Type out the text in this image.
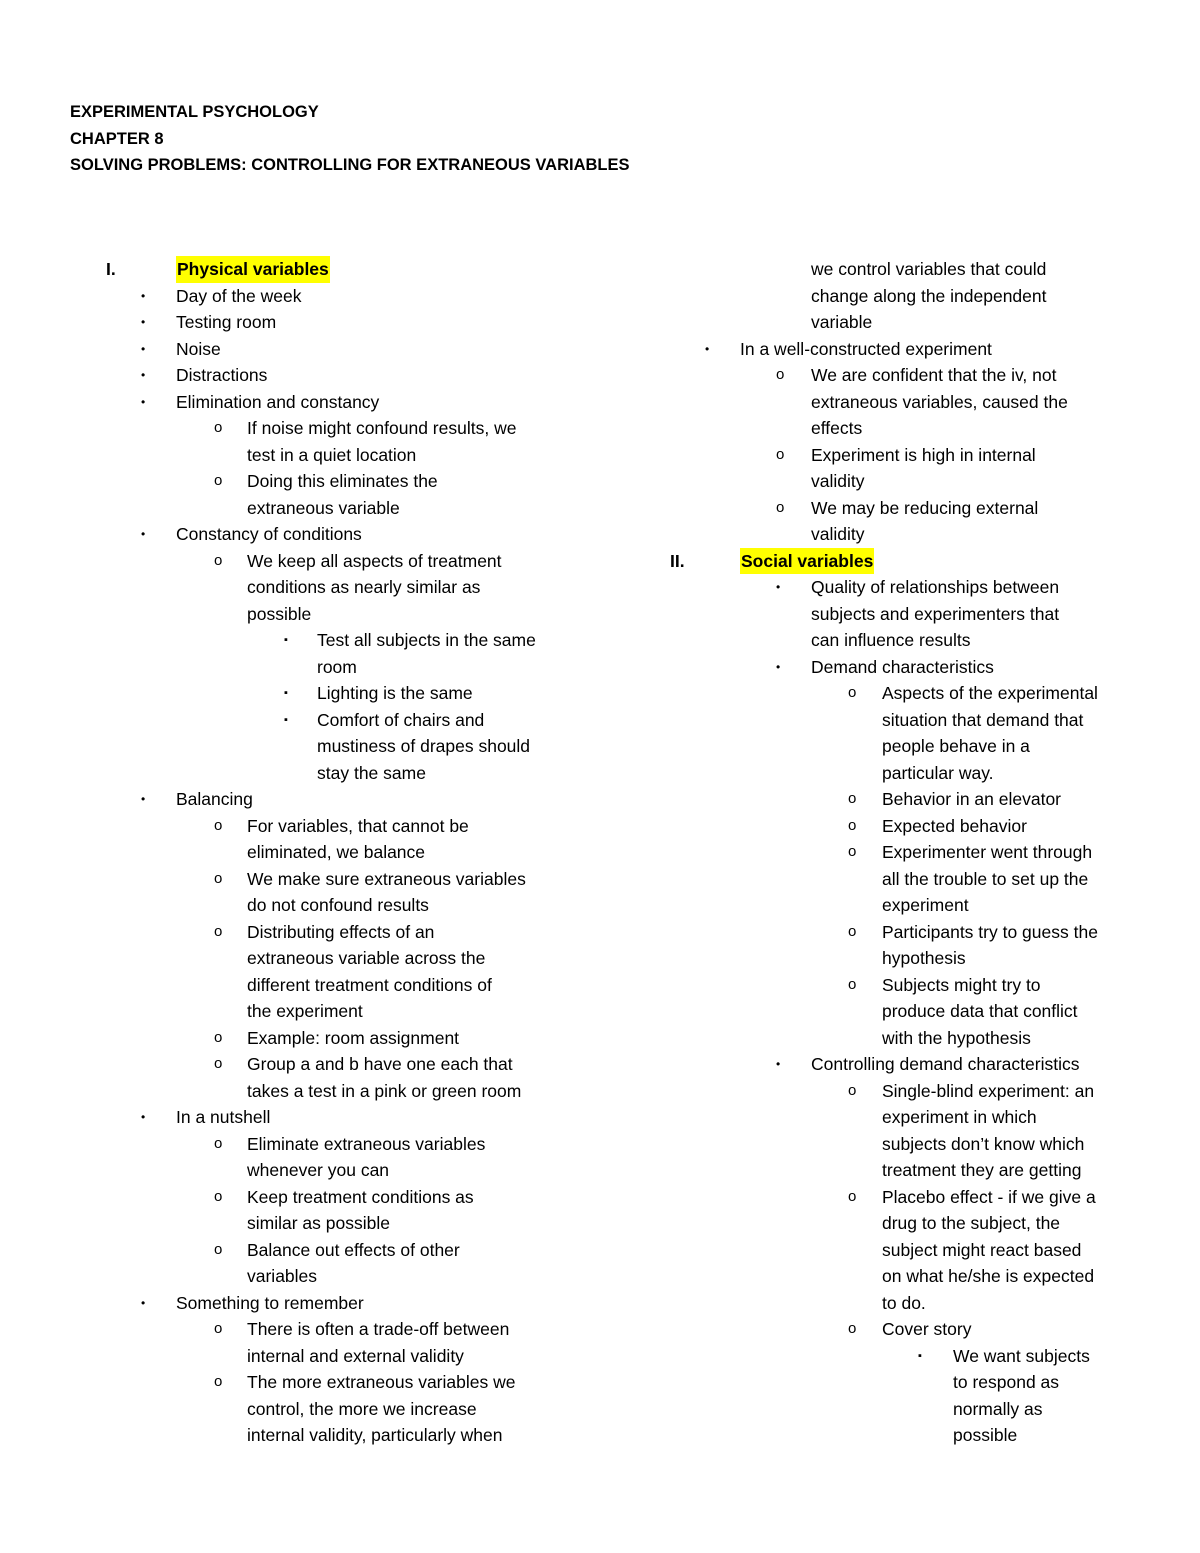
EXPERIMENTAL PSYCHOLOGY
CHAPTER 8
SOLVING PROBLEMS: CONTROLLING FOR EXTRANEOUS VARIABLES
I.	Physical variables
• Day of the week
• Testing room
• Noise
• Distractions
• Elimination and constancy
o If noise might confound results, we
test in a quiet location
o Doing this eliminates the
extraneous variable
• Constancy of conditions
o We keep all aspects of treatment
conditions as nearly similar as
possible
▪ Test all subjects in the same
room
▪ Lighting is the same
▪ Comfort of chairs and
mustiness of drapes should
stay the same
• Balancing
o For variables, that cannot be
eliminated, we balance
o We make sure extraneous variables
do not confound results
o Distributing effects of an
extraneous variable across the
different treatment conditions of
the experiment
o Example: room assignment
o Group a and b have one each that
takes a test in a pink or green room
• In a nutshell
o Eliminate extraneous variables
whenever you can
o Keep treatment conditions as
similar as possible
o Balance out effects of other
variables
• Something to remember
o There is often a trade-off between
internal and external validity
o The more extraneous variables we
control, the more we increase
internal validity, particularly when
we control variables that could
change along the independent
variable
• In a well-constructed experiment
o We are confident that the iv, not
extraneous variables, caused the
effects
o Experiment is high in internal
validity
o We may be reducing external
validity
II.	Social variables
• Quality of relationships between
subjects and experimenters that
can influence results
• Demand characteristics
o Aspects of the experimental
situation that demand that
people behave in a
particular way.
o Behavior in an elevator
o Expected behavior
o Experimenter went through
all the trouble to set up the
experiment
o Participants try to guess the
hypothesis
o Subjects might try to
produce data that conflict
with the hypothesis
• Controlling demand characteristics
o Single-blind experiment: an
experiment in which
subjects don’t know which
treatment they are getting
o Placebo effect - if we give a
drug to the subject, the
subject might react based
on what he/she is expected
to do.
o Cover story
▪ We want subjects
to respond as
normally as
possible
